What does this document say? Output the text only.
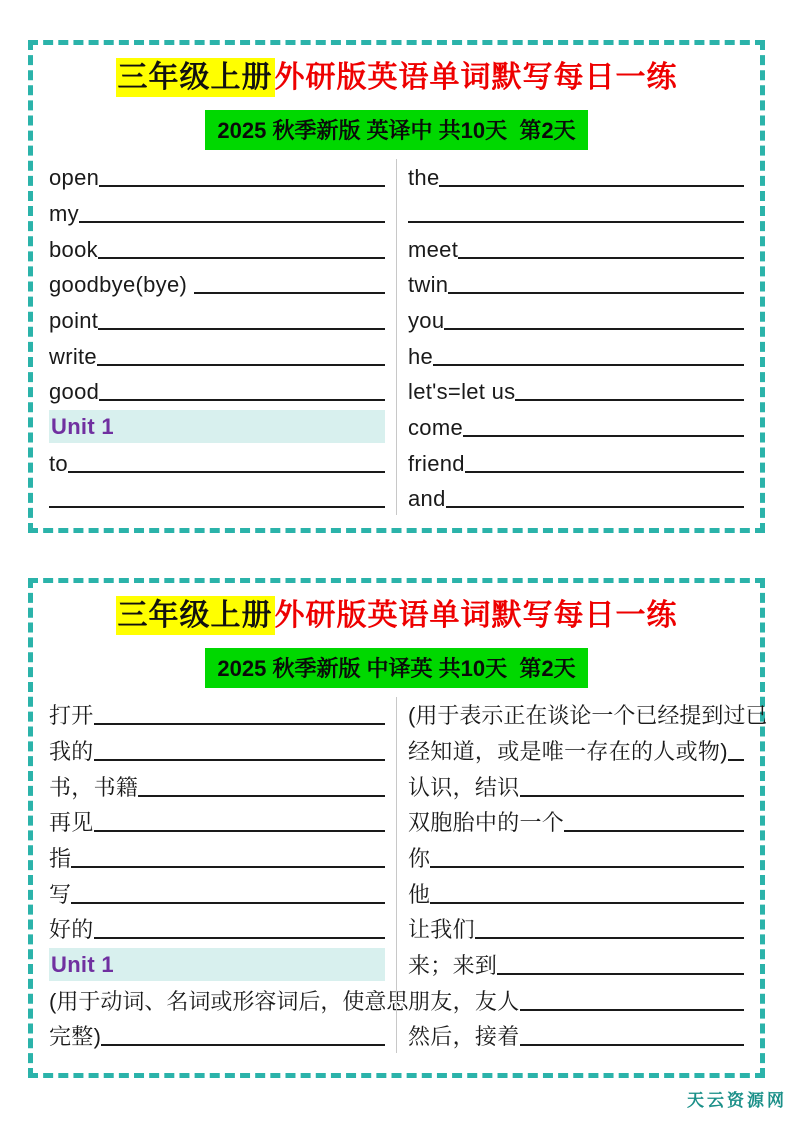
三年级上册外研版英语单词默写每日一练
2025 秋季新版 英译中 共10天  第2天
open
my
book
goodbye(bye)
point
write
good
Unit 1
to
the
meet
twin
you
he
let's=let us
come
friend
and
三年级上册外研版英语单词默写每日一练
2025 秋季新版 中译英 共10天  第2天
打开
我的
书，书籍
再见
指
写
好的
Unit 1
(用于动词、名词或形容词后，使意思
完整)
(用于表示正在谈论一个已经提到过已
经知道，或是唯一存在的人或物)
认识，结识
双胞胎中的一个
你
他
让我们
来；来到
朋友，友人
然后，接着
天云资源网
